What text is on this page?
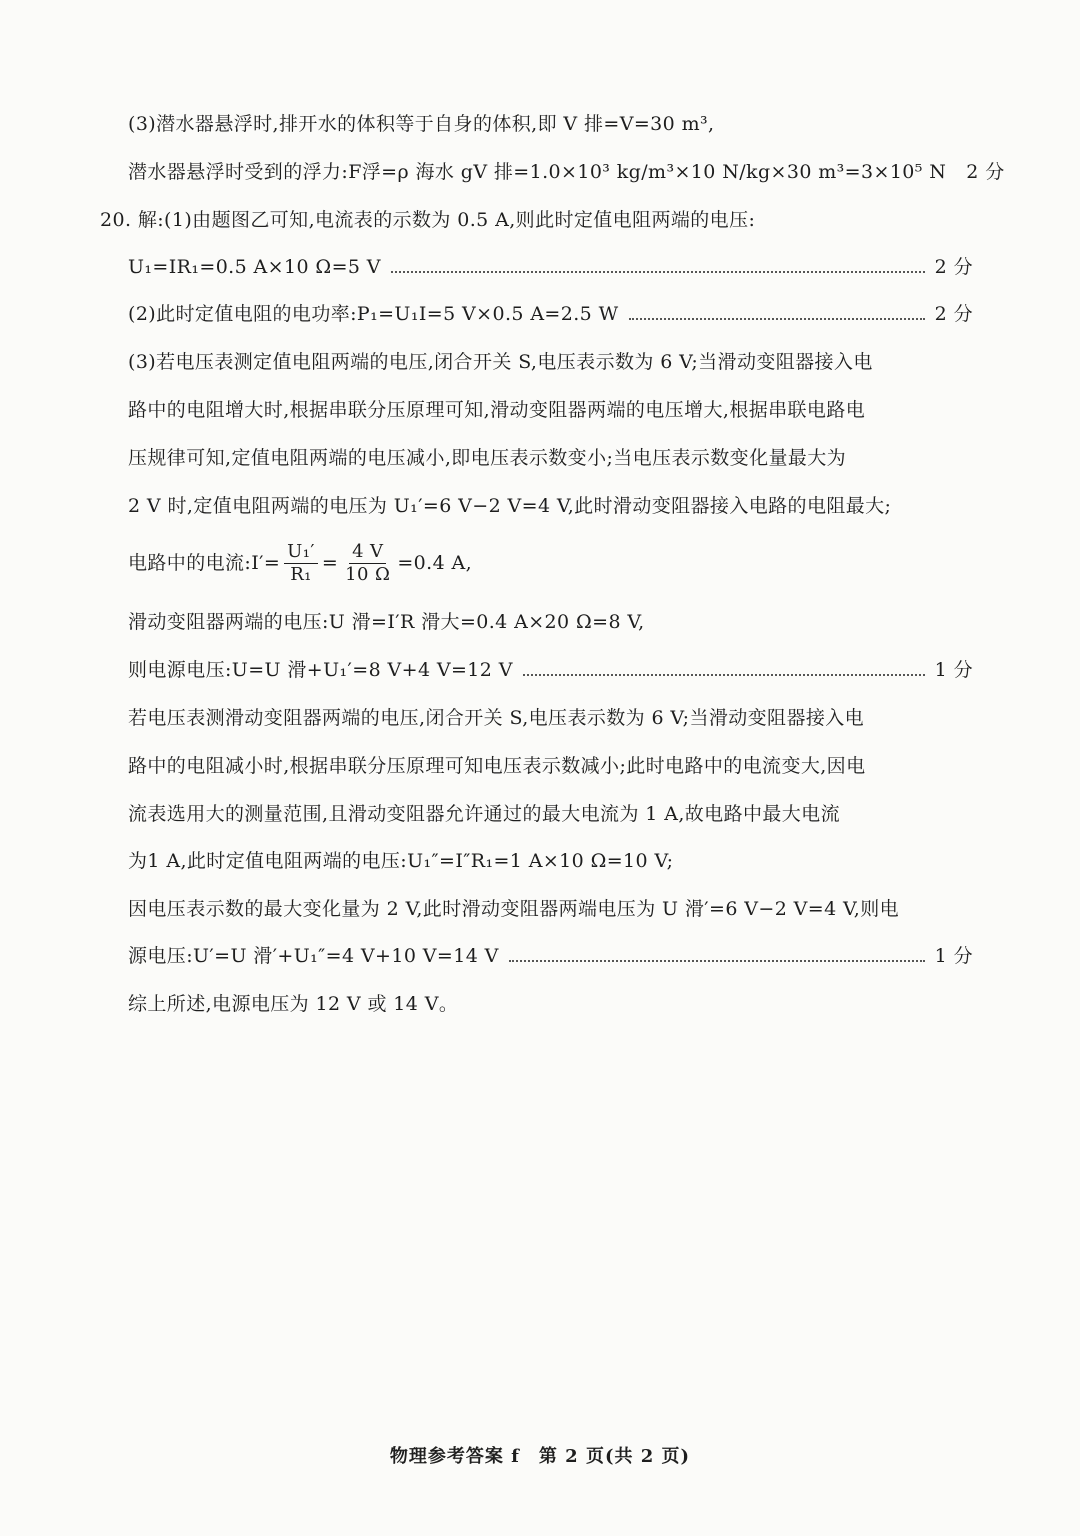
(3)潜水器悬浮时,排开水的体积等于自身的体积,即 V 排=V=30 m³,
潜水器悬浮时受到的浮力:F浮=ρ 海水 gV 排=1.0×10³ kg/m³×10 N/kg×30 m³=3×10⁵ N 2 分
20. 解:(1)由题图乙可知,电流表的示数为 0.5 A,则此时定值电阻两端的电压:
U₁=IR₁=0.5 A×10 Ω=5 V	2 分
(2)此时定值电阻的电功率:P₁=U₁I=5 V×0.5 A=2.5 W	2 分
(3)若电压表测定值电阻两端的电压,闭合开关 S,电压表示数为 6 V;当滑动变阻器接入电
路中的电阻增大时,根据串联分压原理可知,滑动变阻器两端的电压增大,根据串联电路电
压规律可知,定值电阻两端的电压减小,即电压表示数变小;当电压表示数变化量最大为
2 V 时,定值电阻两端的电压为 U₁′=6 V−2 V=4 V,此时滑动变阻器接入电路的电阻最大;
电路中的电流:I′= $\frac{\text{U₁′}}{\text{R₁}} = \frac{4 V}{10 \Omega} =0.4$ A,
滑动变阻器两端的电压:U 滑=I′R 滑大=0.4 A×20 Ω=8 V,
则电源电压:U=U 滑+U₁′=8 V+4 V=12 V	1 分
若电压表测滑动变阻器两端的电压,闭合开关 S,电压表示数为 6 V;当滑动变阻器接入电
路中的电阻减小时,根据串联分压原理可知电压表示数减小;此时电路中的电流变大,因电
流表选用大的测量范围,且滑动变阻器允许通过的最大电流为 1 A,故电路中最大电流
为1 A,此时定值电阻两端的电压:U₁″=I″R₁=1 A×10 Ω=10 V;
因电压表示数的最大变化量为 2 V,此时滑动变阻器两端电压为 U 滑′=6 V−2 V=4 V,则电
源电压:U′=U 滑′+U₁″=4 V+10 V=14 V	1 分
综上所述,电源电压为 12 V 或 14 V。
物理参考答案 f　第 2 页(共 2 页)
